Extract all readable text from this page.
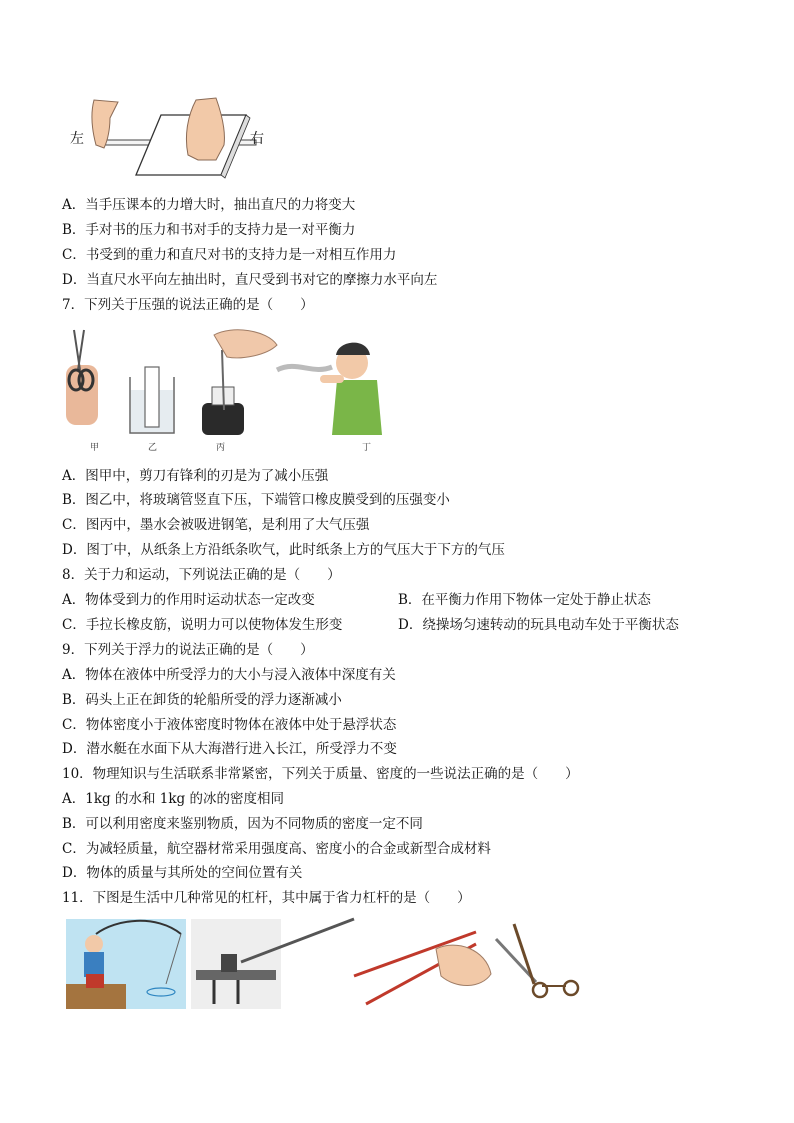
左	右
A．当手压课本的力增大时，抽出直尺的力将变大
B．手对书的压力和书对手的支持力是一对平衡力
C．书受到的重力和直尺对书的支持力是一对相互作用力
D．当直尺水平向左抽出时，直尺受到书对它的摩擦力水平向左
7．下列关于压强的说法正确的是（　　）
甲	乙	丙	丁
A．图甲中，剪刀有锋利的刃是为了减小压强
B．图乙中，将玻璃管竖直下压，下端管口橡皮膜受到的压强变小
C．图丙中，墨水会被吸进钢笔，是利用了大气压强
D．图丁中，从纸条上方沿纸条吹气，此时纸条上方的气压大于下方的气压
8．关于力和运动，下列说法正确的是（　　）
A．物体受到力的作用时运动状态一定改变	B．在平衡力作用下物体一定处于静止状态
C．手拉长橡皮筋，说明力可以使物体发生形变	D．绕操场匀速转动的玩具电动车处于平衡状态
9．下列关于浮力的说法正确的是（　　）
A．物体在液体中所受浮力的大小与浸入液体中深度有关
B．码头上正在卸货的轮船所受的浮力逐渐减小
C．物体密度小于液体密度时物体在液体中处于悬浮状态
D．潜水艇在水面下从大海潜行进入长江，所受浮力不变
10．物理知识与生活联系非常紧密，下列关于质量、密度的一些说法正确的是（　　）
A．1kg 的水和 1kg 的冰的密度相同
B．可以利用密度来鉴别物质，因为不同物质的密度一定不同
C．为减轻质量，航空器材常采用强度高、密度小的合金或新型合成材料
D．物体的质量与其所处的空间位置有关
11．下图是生活中几种常见的杠杆，其中属于省力杠杆的是（　　）
